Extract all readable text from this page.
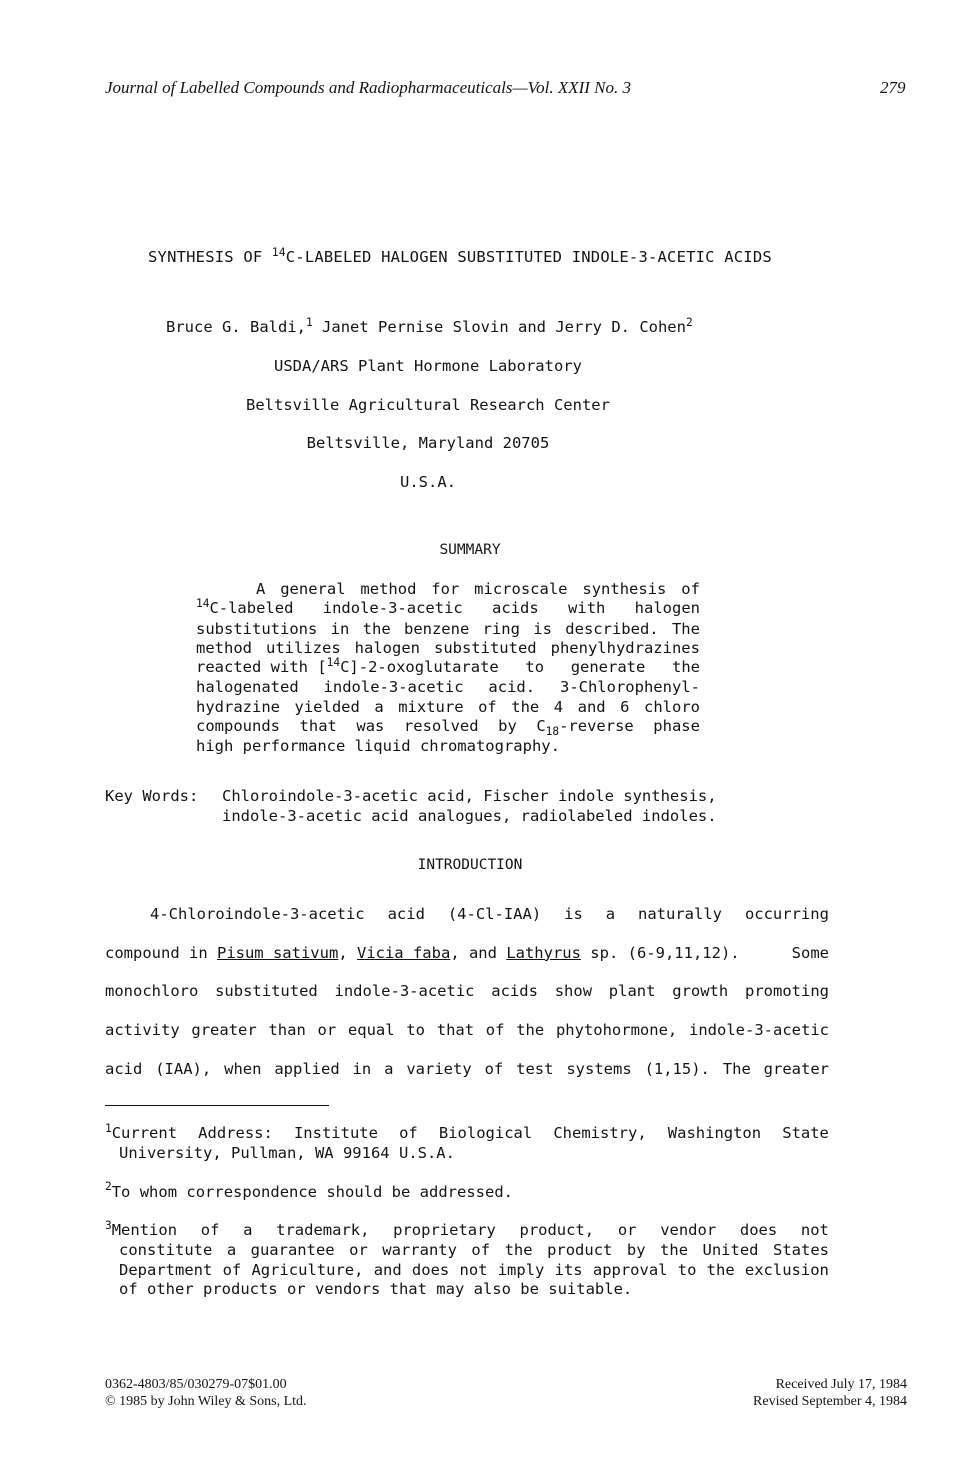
Journal of Labelled Compounds and Radiopharmaceuticals—Vol. XXII No. 3	279
SYNTHESIS OF $^{14}$C-LABELED HALOGEN SUBSTITUTED INDOLE-3-ACETIC ACIDS
Bruce G. Baldi,$^1$ Janet Pernise Slovin and Jerry D. Cohen$^2$
USDA/ARS Plant Hormone Laboratory
Beltsville Agricultural Research Center
Beltsville, Maryland 20705
U.S.A.
SUMMARY
A general method for microscale synthesis of
$^{14}$C-labeled indole-3-acetic acids with halogen
substitutions in the benzene ring is described. The
method utilizes halogen substituted phenylhydrazines
reacted with [$^{14}$C]-2-oxoglutarate to generate the
halogenated indole-3-acetic acid. 3-Chlorophenyl-
hydrazine yielded a mixture of the 4 and 6 chloro
compounds that was resolved by $C_{18}$-reverse phase
high performance liquid chromatography.
Key Words: Chloroindole-3-acetic acid, Fischer indole synthesis,
indole-3-acetic acid analogues, radiolabeled indoles.
INTRODUCTION
4-Chloroindole-3-acetic acid (4-Cl-IAA) is a naturally occurring
compound in Pisum sativum, Vicia faba, and Lathyrus sp. (6-9,11,12).	Some
monochloro substituted indole-3-acetic acids show plant growth promoting
activity greater than or equal to that of the phytohormone, indole-3-acetic
acid (IAA), when applied in a variety of test systems (1,15). The greater
$^1$Current Address: Institute of Biological Chemistry, Washington State
University, Pullman, WA 99164 U.S.A.
$^2$ To whom correspondence should be addressed.
$^3$Mention of a trademark, proprietary product, or vendor does not
constitute a guarantee or warranty of the product by the United States
Department of Agriculture, and does not imply its approval to the exclusion
of other products or vendors that may also be suitable.
0362-4803/85/030279-07$01.00
© 1985 by John Wiley & Sons, Ltd.
Received July 17, 1984
Revised September 4, 1984
